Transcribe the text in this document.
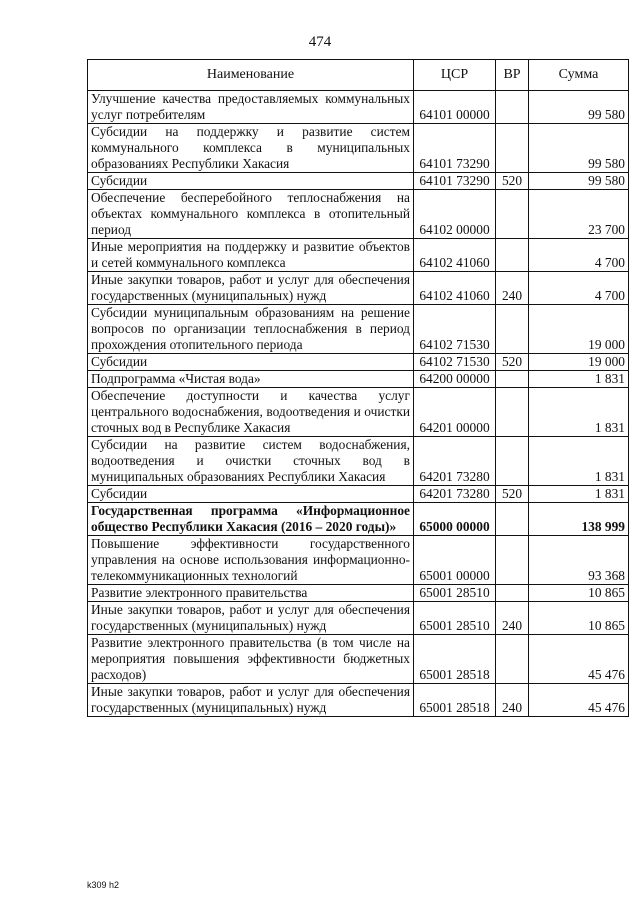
474
Наименование	ЦСР	ВР	Сумма
Улучшение качества предоставляемых коммунальных услуг потребителям	64101 00000		99 580
Субсидии на поддержку и развитие систем коммунального комплекса в муниципальных образованиях Республики Хакасия	64101 73290		99 580
Субсидии	64101 73290	520	99 580
Обеспечение бесперебойного теплоснабжения на объектах коммунального комплекса в отопительный период	64102 00000		23 700
Иные мероприятия на поддержку и развитие объектов и сетей коммунального комплекса	64102 41060		4 700
Иные закупки товаров, работ и услуг для обеспечения государственных (муниципальных) нужд	64102 41060	240	4 700
Субсидии муниципальным образованиям на решение вопросов по организации теплоснабжения в период прохождения отопительного периода	64102 71530		19 000
Субсидии	64102 71530	520	19 000
Подпрограмма «Чистая вода»	64200 00000		1 831
Обеспечение доступности и качества услуг центрального водоснабжения, водоотведения и очистки сточных вод в Республике Хакасия	64201 00000		1 831
Субсидии на развитие систем водоснабжения, водоотведения и очистки сточных вод в муниципальных образованиях Республики Хакасия	64201 73280		1 831
Субсидии	64201 73280	520	1 831
Государственная программа «Информационное общество Республики Хакасия (2016 – 2020 годы)»	65000 00000		138 999
Повышение эффективности государственного управления на основе использования информационно-телекоммуникационных технологий	65001 00000		93 368
Развитие электронного правительства	65001 28510		10 865
Иные закупки товаров, работ и услуг для обеспечения государственных (муниципальных) нужд	65001 28510	240	10 865
Развитие электронного правительства (в том числе на мероприятия повышения эффективности бюджетных расходов)	65001 28518		45 476
Иные закупки товаров, работ и услуг для обеспечения государственных (муниципальных) нужд	65001 28518	240	45 476
k309 h2
